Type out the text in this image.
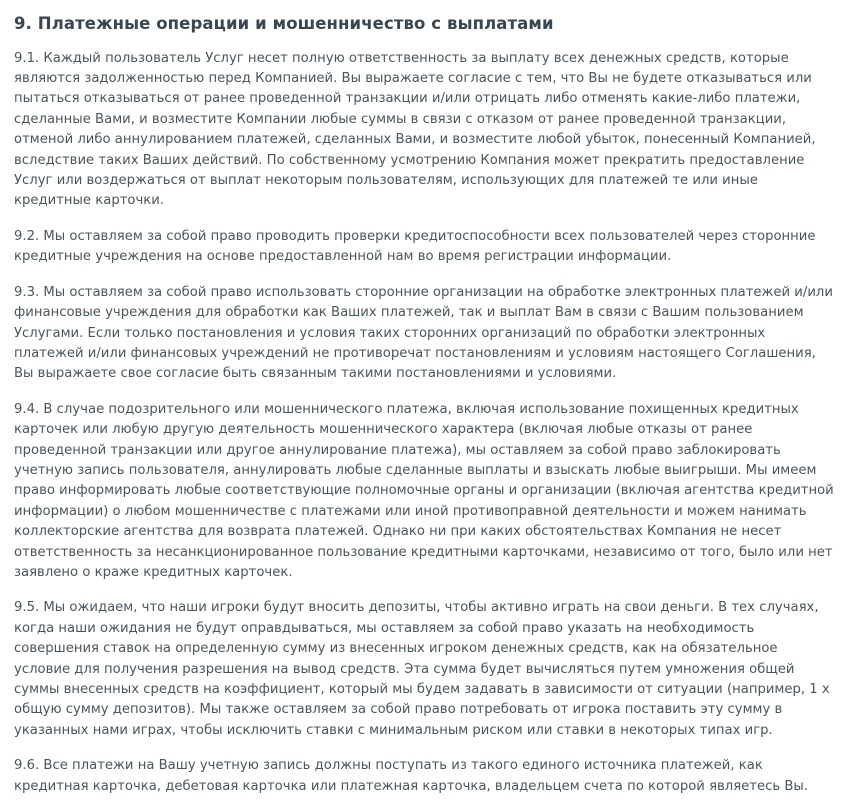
9. Платежные операции и мошенничество с выплатами

9.1. Каждый пользователь Услуг несет полную ответственность за выплату всех денежных средств, которые являются задолженностью перед Компанией. Вы выражаете согласие с тем, что Вы не будете отказываться или пытаться отказываться от ранее проведенной транзакции и/или отрицать либо отменять какие-либо платежи, сделанные Вами, и возместите Компании любые суммы в связи с отказом от ранее проведенной транзакции, отменой либо аннулированием платежей, сделанных Вами, и возместите любой убыток, понесенный Компанией, вследствие таких Ваших действий. По собственному усмотрению Компания может прекратить предоставление Услуг или воздержаться от выплат некоторым пользователям, использующих для платежей те или иные кредитные карточки.

9.2. Мы оставляем за собой право проводить проверки кредитоспособности всех пользователей через сторонние кредитные учреждения на основе предоставленной нам во время регистрации информации.

9.3. Мы оставляем за собой право использовать сторонние организации на обработке электронных платежей и/или финансовые учреждения для обработки как Ваших платежей, так и выплат Вам в связи с Вашим пользованием Услугами. Если только постановления и условия таких сторонних организаций по обработки электронных платежей и/или финансовых учреждений не противоречат постановлениям и условиям настоящего Соглашения, Вы выражаете свое согласие быть связанным такими постановлениями и условиями.

9.4. В случае подозрительного или мошеннического платежа, включая использование похищенных кредитных карточек или любую другую деятельность мошеннического характера (включая любые отказы от ранее проведенной транзакции или другое аннулирование платежа), мы оставляем за собой право заблокировать учетную запись пользователя, аннулировать любые сделанные выплаты и взыскать любые выигрыши. Мы имеем право информировать любые соответствующие полномочные органы и организации (включая агентства кредитной информации) о любом мошенничестве с платежами или иной противоправной деятельности и можем нанимать коллекторские агентства для возврата платежей. Однако ни при каких обстоятельствах Компания не несет ответственность за несанкционированное пользование кредитными карточками, независимо от того, было или нет заявлено о краже кредитных карточек.

9.5. Мы ожидаем, что наши игроки будут вносить депозиты, чтобы активно играть на свои деньги. В тех случаях, когда наши ожидания не будут оправдываться, мы оставляем за собой право указать на необходимость совершения ставок на определенную сумму из внесенных игроком денежных средств, как на обязательное условие для получения разрешения на вывод средств. Эта сумма будет вычисляться путем умножения общей суммы внесенных средств на коэффициент, который мы будем задавать в зависимости от ситуации (например, 1 х общую сумму депозитов). Мы также оставляем за собой право потребовать от игрока поставить эту сумму в указанных нами играх, чтобы исключить ставки с минимальным риском или ставки в некоторых типах игр.

9.6. Все платежи на Вашу учетную запись должны поступать из такого единого источника платежей, как кредитная карточка, дебетовая карточка или платежная карточка, владельцем счета по которой являетесь Вы.
